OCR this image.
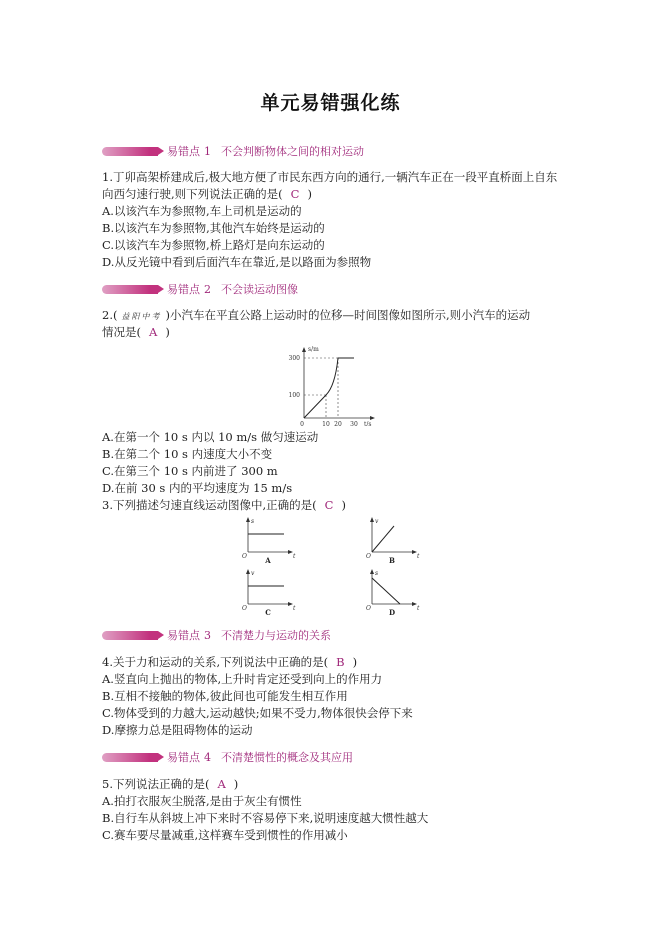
单元易错强化练
易错点 1 不会判断物体之间的相对运动
1.丁卯高架桥建成后,极大地方便了市民东西方向的通行,一辆汽车正在一段平直桥面上自东
向西匀速行驶,则下列说法正确的是( C )
A.以该汽车为参照物,车上司机是运动的
B.以该汽车为参照物,其他汽车始终是运动的
C.以该汽车为参照物,桥上路灯是向东运动的
D.从反光镜中看到后面汽车在靠近,是以路面为参照物
易错点 2 不会读运动图像
2.( 益阳中考 )小汽车在平直公路上运动时的位移—时间图像如图所示,则小汽车的运动
情况是( A )
s/m
300
100
0	10 20 30 t/s
A.在第一个 10 s 内以 10 m/s 做匀速运动
B.在第二个 10 s 内速度大小不变
C.在第三个 10 s 内前进了 300 m
D.在前 30 s 内的平均速度为 15 m/s
3.下列描述匀速直线运动图像中,正确的是( C )
s
O	t
A
v
O	t
B
v
O	t
C
s
O	t
D
易错点 3 不清楚力与运动的关系
4.关于力和运动的关系,下列说法中正确的是( B )
A.竖直向上抛出的物体,上升时肯定还受到向上的作用力
B.互相不接触的物体,彼此间也可能发生相互作用
C.物体受到的力越大,运动越快;如果不受力,物体很快会停下来
D.摩擦力总是阻碍物体的运动
易错点 4 不清楚惯性的概念及其应用
5.下列说法正确的是( A )
A.拍打衣服灰尘脱落,是由于灰尘有惯性
B.自行车从斜坡上冲下来时不容易停下来,说明速度越大惯性越大
C.赛车要尽量减重,这样赛车受到惯性的作用减小
